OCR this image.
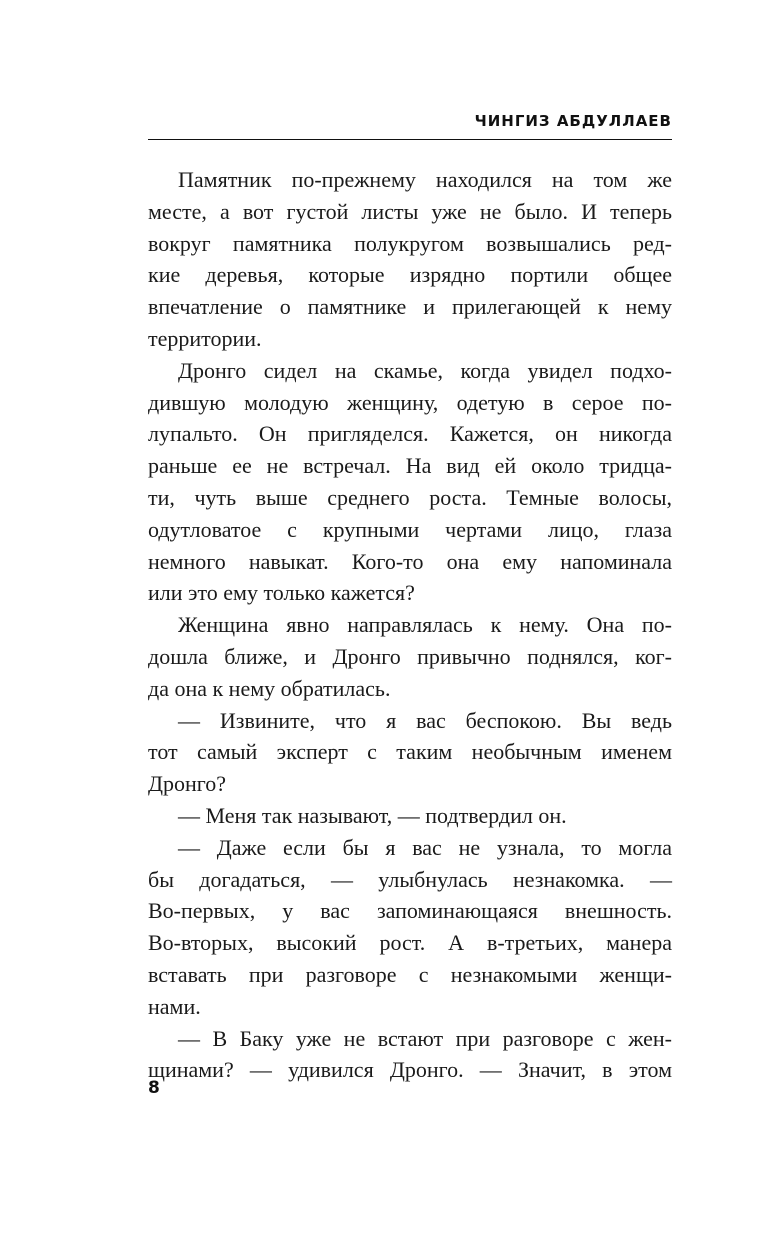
ЧИНГИЗ АБДУЛЛАЕВ
Памятник по-прежнему находился на том же
месте, а вот густой листы уже не было. И теперь
вокруг памятника полукругом возвышались ред-
кие деревья, которые изрядно портили общее
впечатление о памятнике и прилегающей к нему
территории.
Дронго сидел на скамье, когда увидел подхо-
дившую молодую женщину, одетую в серое по-
лупальто. Он пригляделся. Кажется, он никогда
раньше ее не встречал. На вид ей около тридца-
ти, чуть выше среднего роста. Темные волосы,
одутловатое с крупными чертами лицо, глаза
немного навыкат. Кого-то она ему напоминала
или это ему только кажется?
Женщина явно направлялась к нему. Она по-
дошла ближе, и Дронго привычно поднялся, ког-
да она к нему обратилась.
— Извините, что я вас беспокою. Вы ведь
тот самый эксперт с таким необычным именем
Дронго?
— Меня так называют, — подтвердил он.
— Даже если бы я вас не узнала, то могла
бы догадаться, — улыбнулась незнакомка. —
Во-первых, у вас запоминающаяся внешность.
Во-вторых, высокий рост. А в-третьих, манера
вставать при разговоре с незнакомыми женщи-
нами.
— В Баку уже не встают при разговоре с жен-
щинами? — удивился Дронго. — Значит, в этом
8
